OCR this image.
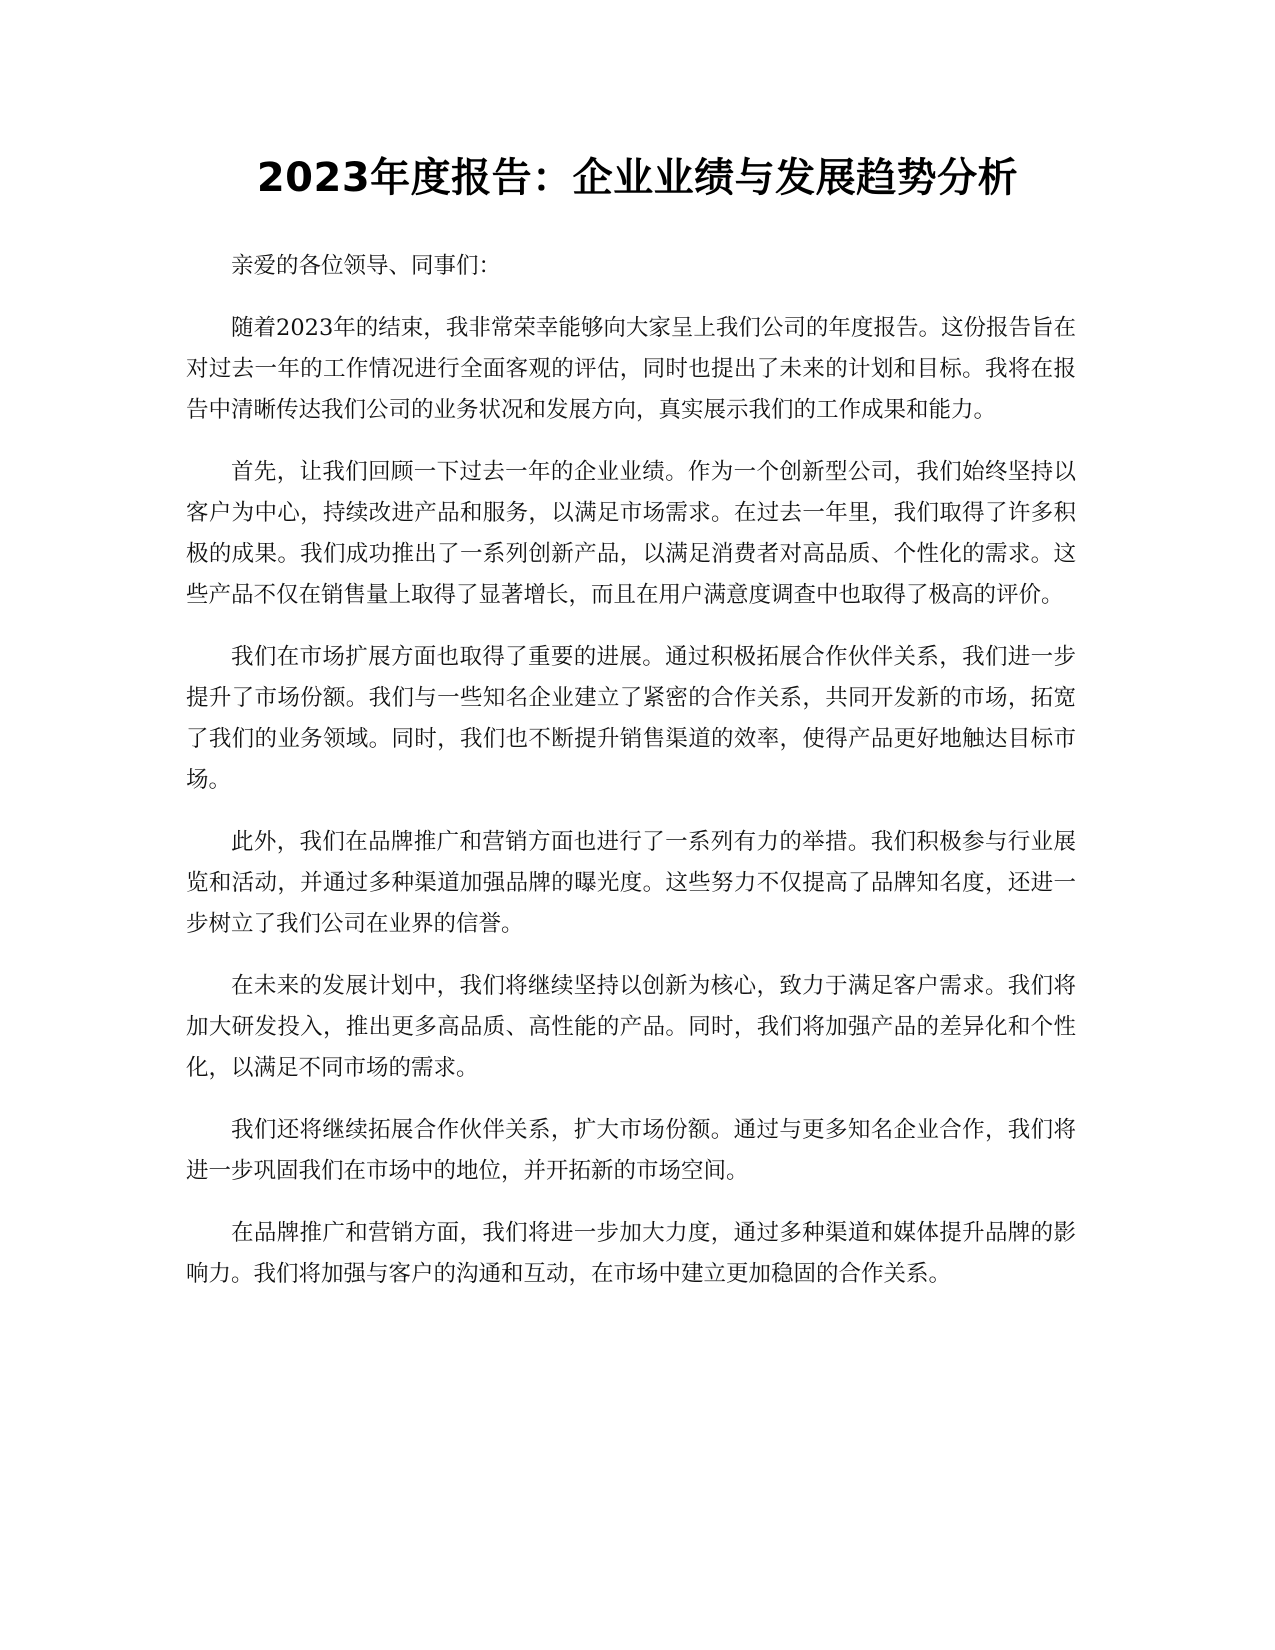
2023年度报告：企业业绩与发展趋势分析

亲爱的各位领导、同事们：

随着2023年的结束，我非常荣幸能够向大家呈上我们公司的年度报告。这份报告旨在对过去一年的工作情况进行全面客观的评估，同时也提出了未来的计划和目标。我将在报告中清晰传达我们公司的业务状况和发展方向，真实展示我们的工作成果和能力。

首先，让我们回顾一下过去一年的企业业绩。作为一个创新型公司，我们始终坚持以客户为中心，持续改进产品和服务，以满足市场需求。在过去一年里，我们取得了许多积极的成果。我们成功推出了一系列创新产品，以满足消费者对高品质、个性化的需求。这些产品不仅在销售量上取得了显著增长，而且在用户满意度调查中也取得了极高的评价。

我们在市场扩展方面也取得了重要的进展。通过积极拓展合作伙伴关系，我们进一步提升了市场份额。我们与一些知名企业建立了紧密的合作关系，共同开发新的市场，拓宽了我们的业务领域。同时，我们也不断提升销售渠道的效率，使得产品更好地触达目标市场。

此外，我们在品牌推广和营销方面也进行了一系列有力的举措。我们积极参与行业展览和活动，并通过多种渠道加强品牌的曝光度。这些努力不仅提高了品牌知名度，还进一步树立了我们公司在业界的信誉。

在未来的发展计划中，我们将继续坚持以创新为核心，致力于满足客户需求。我们将加大研发投入，推出更多高品质、高性能的产品。同时，我们将加强产品的差异化和个性化，以满足不同市场的需求。

我们还将继续拓展合作伙伴关系，扩大市场份额。通过与更多知名企业合作，我们将进一步巩固我们在市场中的地位，并开拓新的市场空间。

在品牌推广和营销方面，我们将进一步加大力度，通过多种渠道和媒体提升品牌的影响力。我们将加强与客户的沟通和互动，在市场中建立更加稳固的合作关系。
